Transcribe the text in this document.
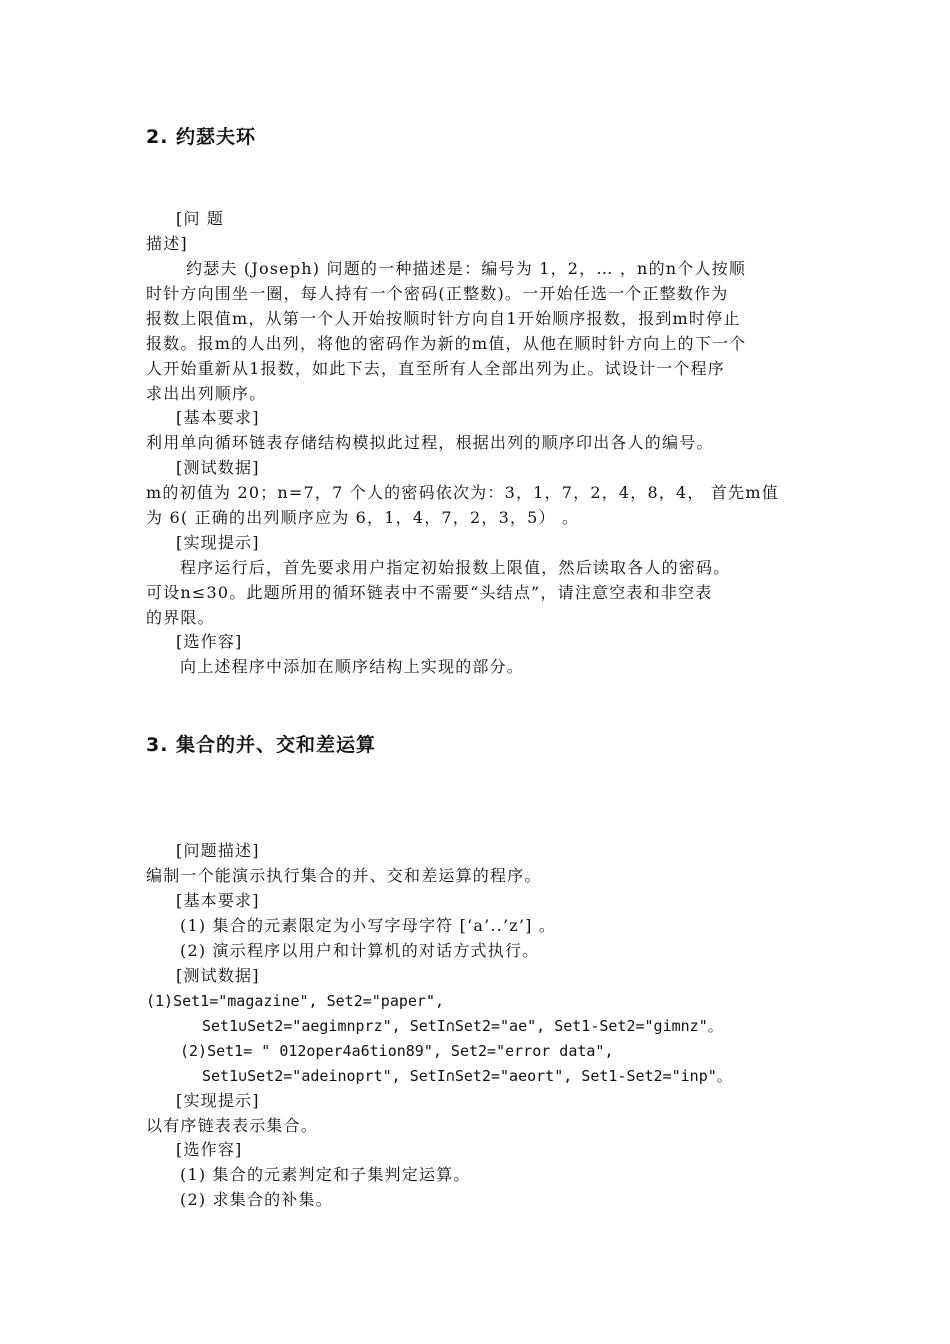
2. 约瑟夫环
[问 题
描述]
约瑟夫 (Joseph) 问题的一种描述是：编号为 1，2，… ，n的n个人按顺
时针方向围坐一圈，每人持有一个密码(正整数)。一开始任选一个正整数作为
报数上限值m，从第一个人开始按顺时针方向自1开始顺序报数，报到m时停止
报数。报m的人出列，将他的密码作为新的m值，从他在顺时针方向上的下一个
人开始重新从1报数，如此下去，直至所有人全部出列为止。试设计一个程序
求出出列顺序。
[基本要求]
利用单向循环链表存储结构模拟此过程，根据出列的顺序印出各人的编号。
[测试数据]
m的初值为 20；n=7，7 个人的密码依次为：3，1，7，2，4，8，4， 首先m值
为 6( 正确的出列顺序应为 6，1，4，7，2，3，5） 。
[实现提示]
程序运行后，首先要求用户指定初始报数上限值，然后读取各人的密码。
可设n≤30。此题所用的循环链表中不需要“头结点”，请注意空表和非空表
的界限。
[选作容]
向上述程序中添加在顺序结构上实现的部分。
3. 集合的并、交和差运算
[问题描述]
编制一个能演示执行集合的并、交和差运算的程序。
[基本要求]
(1) 集合的元素限定为小写字母字符 [‘a’..’z’] 。
(2) 演示程序以用户和计算机的对话方式执行。
[测试数据]
(1)Set1="magazine", Set2="paper",
Set1∪Set2="aegimnprz", SetI∩Set2="ae", Set1-Set2="gimnz"。
(2)Set1= " 012oper4a6tion89", Set2="error data",
Set1∪Set2="adeinoprt", SetI∩Set2="aeort", Set1-Set2="inp"。
[实现提示]
以有序链表表示集合。
[选作容]
(1) 集合的元素判定和子集判定运算。
(2) 求集合的补集。
